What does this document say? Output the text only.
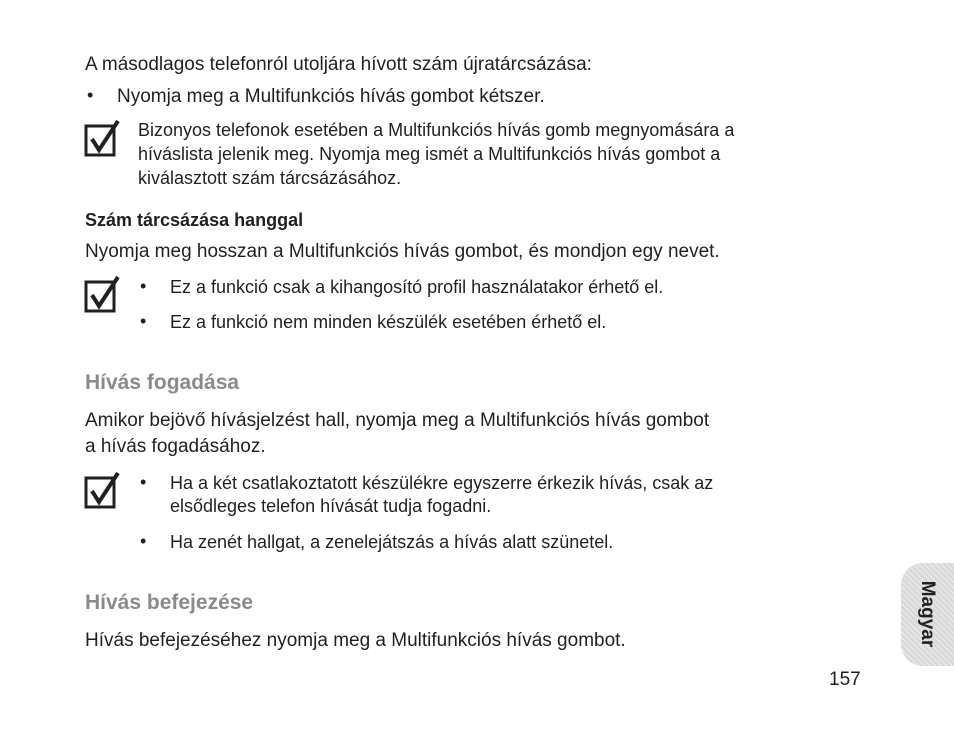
A másodlagos telefonról utoljára hívott szám újratárcsázása:
• Nyomja meg a Multifunkciós hívás gombot kétszer.
Bizonyos telefonok esetében a Multifunkciós hívás gomb megnyomására a
híváslista jelenik meg. Nyomja meg ismét a Multifunkciós hívás gombot a
kiválasztott szám tárcsázásához.
Szám tárcsázása hanggal
Nyomja meg hosszan a Multifunkciós hívás gombot, és mondjon egy nevet.
• Ez a funkció csak a kihangosító profil használatakor érhető el.
• Ez a funkció nem minden készülék esetében érhető el.
Hívás fogadása
Amikor bejövő hívásjelzést hall, nyomja meg a Multifunkciós hívás gombot
a hívás fogadásához.
• Ha a két csatlakoztatott készülékre egyszerre érkezik hívás, csak az
elsődleges telefon hívását tudja fogadni.
• Ha zenét hallgat, a zenelejátszás a hívás alatt szünetel.
Hívás befejezése
Hívás befejezéséhez nyomja meg a Multifunkciós hívás gombot.	Magyar
157
